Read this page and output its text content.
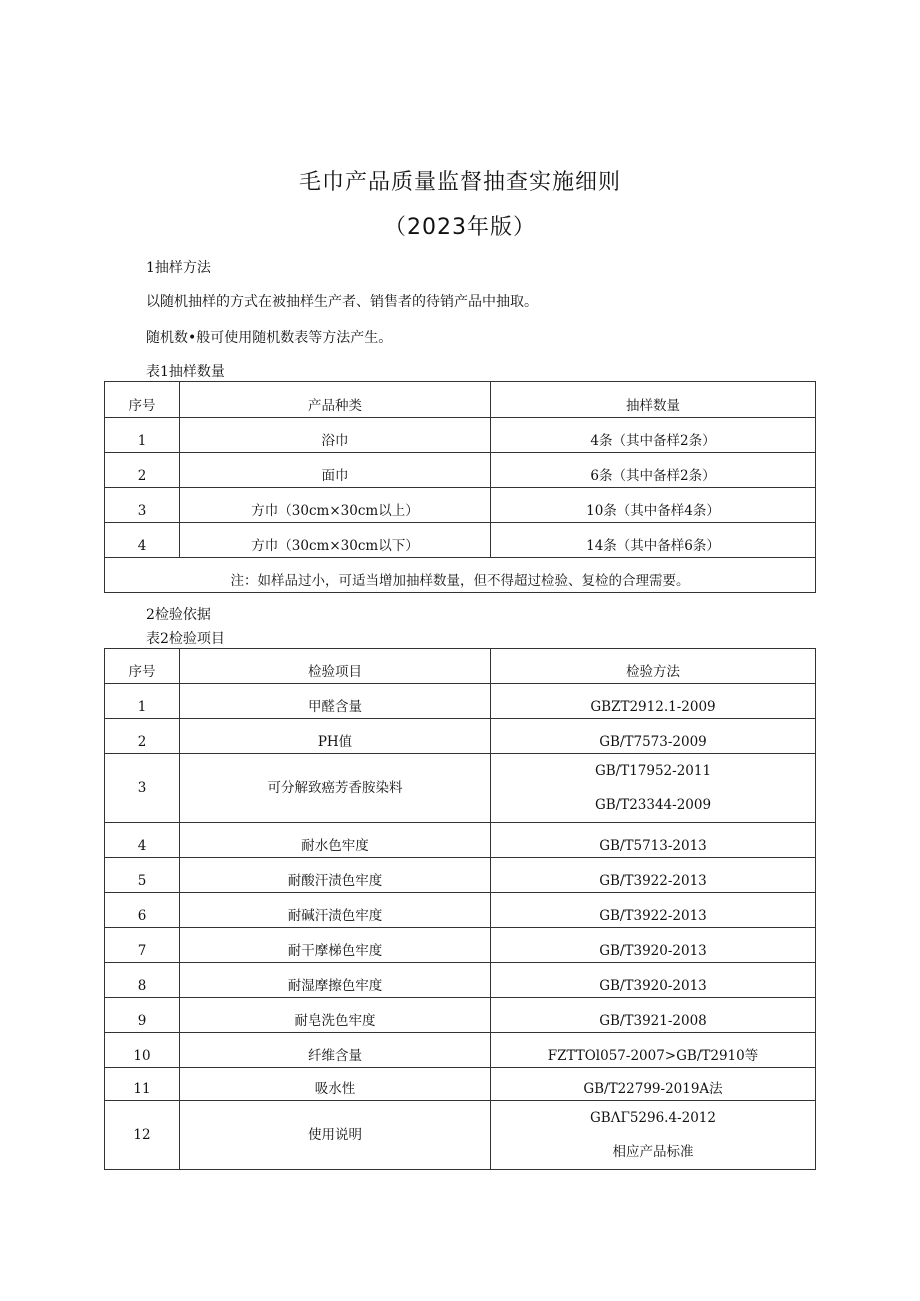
毛巾产品质量监督抽查实施细则
（2023年版）
1抽样方法
以随机抽样的方式在被抽样生产者、销售者的待销产品中抽取。
随机数•般可使用随机数表等方法产生。
表1抽样数量
序号	产品种类	抽样数量
1	浴巾	4条（其中备样2条）
2	面巾	6条（其中备样2条）
3	方巾（30cm×30cm以上）	10条（其中备样4条）
4	方巾（30cm×30cm以下）	14条（其中备样6条）
注：如样品过小，可适当增加抽样数量，但不得超过检验、复检的合理需要。		
2检验依据
表2检验项目
序号	检验项目	检验方法
1	甲醛含量	GBZT2912.1-2009
2	PH值	GB/T7573-2009
3	可分解致癌芳香胺染料	GB/T17952-2011
GB/T23344-2009

4	耐水色牢度	GB/T5713-2013
5	耐酸汗渍色牢度	GB/T3922-2013
6	耐碱汗渍色牢度	GB/T3922-2013
7	耐干摩梯色牢度	GB/T3920-2013
8	耐湿摩擦色牢度	GB/T3920-2013
9	耐皂洗色牢度	GB/T3921-2008
10	纤维含量	FZTTOl057-2007>GB/T2910等
11	吸水性	GB/T22799-2019A法
12	使用说明	GBΛΓ5296.4-2012
相应产品标准
